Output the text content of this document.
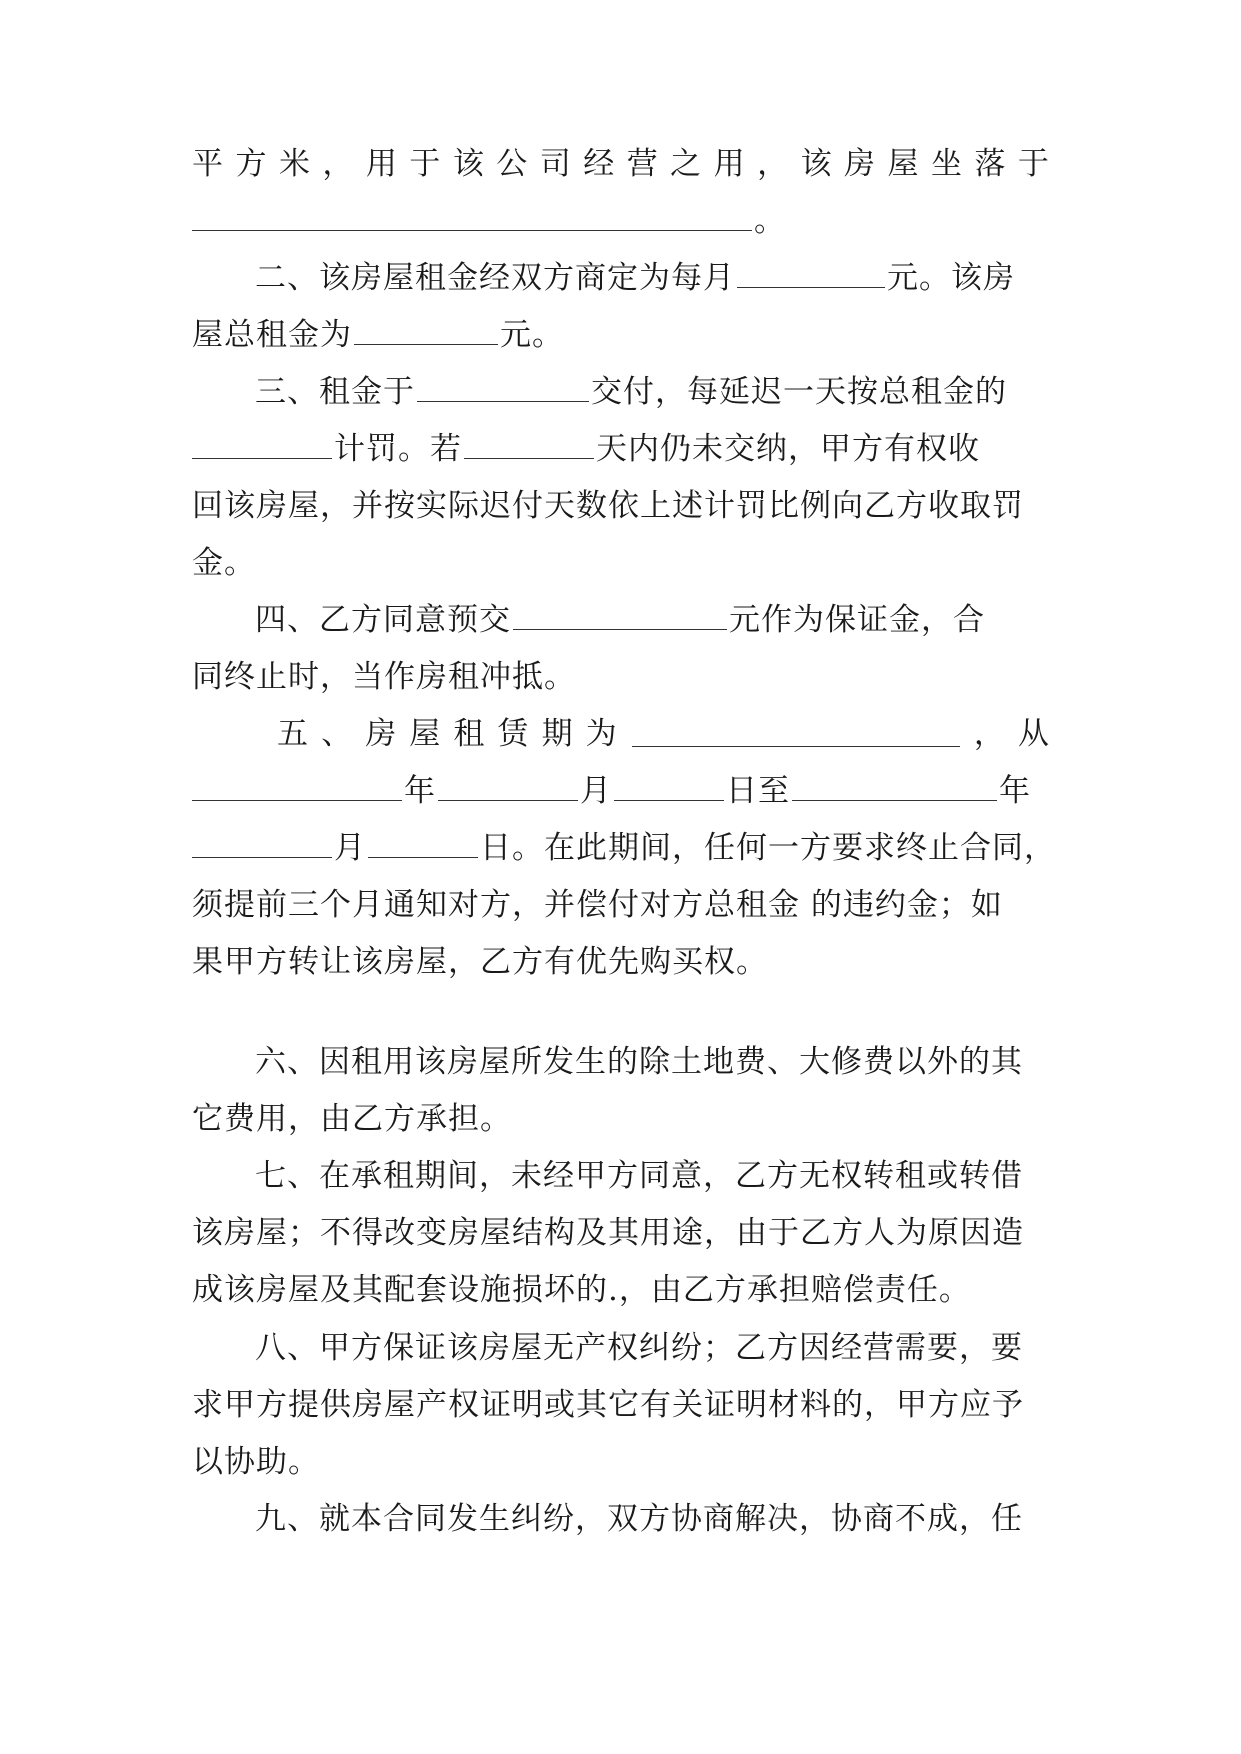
平 方 米 ， 用 于 该 公 司 经 营 之 用 ， 该 房 屋 坐 落 于
。
二、该房屋租金经双方商定为每月	元。该房
屋总租金为	元。
三、租金于	交付，每延迟一天按总租金的
计罚。若	天内仍未交纳，甲方有权收
回该房屋，并按实际迟付天数依上述计罚比例向乙方收取罚
金。
四、乙方同意预交	元作为保证金，合
同终止时，当作房租冲抵。
五 、 房 屋 租 赁 期 为	， 从
年	月	日至	年
月	日。在此期间，任何一方要求终止合同，
须提前三个月通知对方，并偿付对方总租金 的违约金；如
果甲方转让该房屋，乙方有优先购买权。
六、因租用该房屋所发生的除土地费、大修费以外的其
它费用，由乙方承担。
七、在承租期间，未经甲方同意，乙方无权转租或转借
该房屋；不得改变房屋结构及其用途，由于乙方人为原因造
成该房屋及其配套设施损坏的.，由乙方承担赔偿责任。
八、甲方保证该房屋无产权纠纷；乙方因经营需要，要
求甲方提供房屋产权证明或其它有关证明材料的，甲方应予
以协助。
九、就本合同发生纠纷，双方协商解决，协商不成，任
